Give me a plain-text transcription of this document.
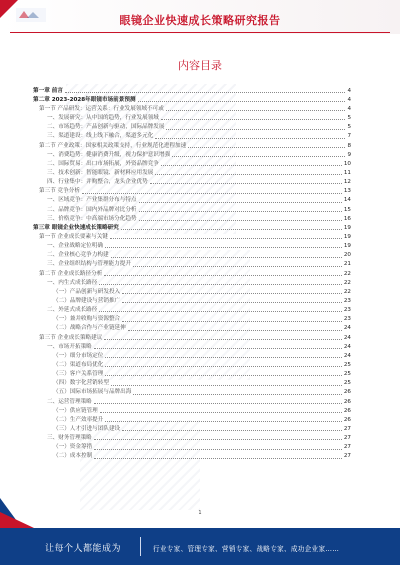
眼镜企业快速成长策略研究报告
内容目录
第一章 前言	4
第二章 2023-2028年眼镜市场前景预测	4
第一节 产品研发：运营关系：行业发展领域不可或	4
一、发展研究：从中国的趋势，行业发展领域	5
二、市场趋势：产品创新与驱动，国际品牌发展	5
三、渠道建设：线上线下融合，渠道多元化	7
第二节 产业政策：国家相关政策支持，行业规范化进程加速	8
一、消费趋势：健康消费升级，视力保护意识增强	9
二、国际贸易：出口市场拓展，外资品牌竞争	10
三、技术创新：智能眼镜、新材料应用发展	11
四、行业集中：并购整合，龙头企业优势	12
第三节 竞争分析	13
一、区域竞争：产业集群分布与特点	14
二、品牌竞争：国内外品牌对比分析	15
三、价格竞争：中高端市场分化趋势	16
第三章 眼镜企业快速成长策略研究	19
第一节 企业成长要素与关键	19
一、企业战略定位明确	19
二、企业核心竞争力构建	20
三、企业组织结构与管理能力提升	21
第二节 企业成长路径分析	22
一、内生式成长路径	22
（一）产品创新与研发投入	22
（二）品牌建设与营销推广	23
二、外延式成长路径	23
（一）兼并收购与资源整合	23
（二）战略合作与产业链延伸	24
第三节 企业成长策略建议	24
一、市场开拓策略	24
（一）细分市场定位	24
（二）渠道布局优化	25
（三）客户关系管理	25
（四）数字化营销转型	25
（五）国际市场拓展与品牌出海	26
二、运营管理策略	26
（一）供应链管理	26
（二）生产效率提升	26
（三）人才引进与团队建设	27
三、财务管理策略	27
（一）资金筹措	27
（二）成本控制	27
1
让每个人都能成为	行业专家、管理专家、营销专家、战略专家、成功企业家……
